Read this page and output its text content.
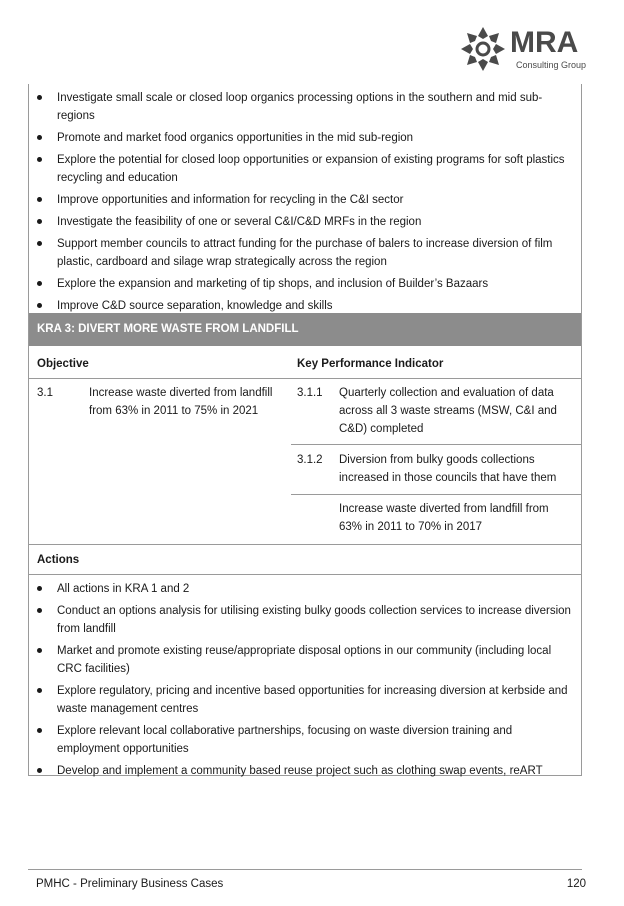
MRA
Consulting Group
Investigate small scale or closed loop organics processing options in the southern and mid sub-regions
Promote and market food organics opportunities in the mid sub-region
Explore the potential for closed loop opportunities or expansion of existing programs for soft plastics recycling and education
Improve opportunities and information for recycling in the C&I sector
Investigate the feasibility of one or several C&I/C&D MRFs in the region
Support member councils to attract funding for the purchase of balers to increase diversion of film plastic, cardboard and silage wrap strategically across the region
Explore the expansion and marketing of tip shops, and inclusion of Builder’s Bazaars
Improve C&D source separation, knowledge and skills
KRA 3: DIVERT MORE WASTE FROM LANDFILL
Objective	Key Performance Indicator
3.1	Increase waste diverted from landfill from 63% in 2011 to 75% in 2021
3.1.1	Quarterly collection and evaluation of data across all 3 waste streams (MSW, C&I and C&D) completed
3.1.2	Diversion from bulky goods collections increased in those councils that have them
Increase waste diverted from landfill from 63% in 2011 to 70% in 2017
Actions
All actions in KRA 1 and 2
Conduct an options analysis for utilising existing bulky goods collection services to increase diversion from landfill
Market and promote existing reuse/appropriate disposal options in our community (including local CRC facilities)
Explore regulatory, pricing and incentive based opportunities for increasing diversion at kerbside and waste management centres
Explore relevant local collaborative partnerships, focusing on waste diversion training and employment opportunities
Develop and implement a community based reuse project such as clothing swap events, reART
PMHC - Preliminary Business Cases	120
